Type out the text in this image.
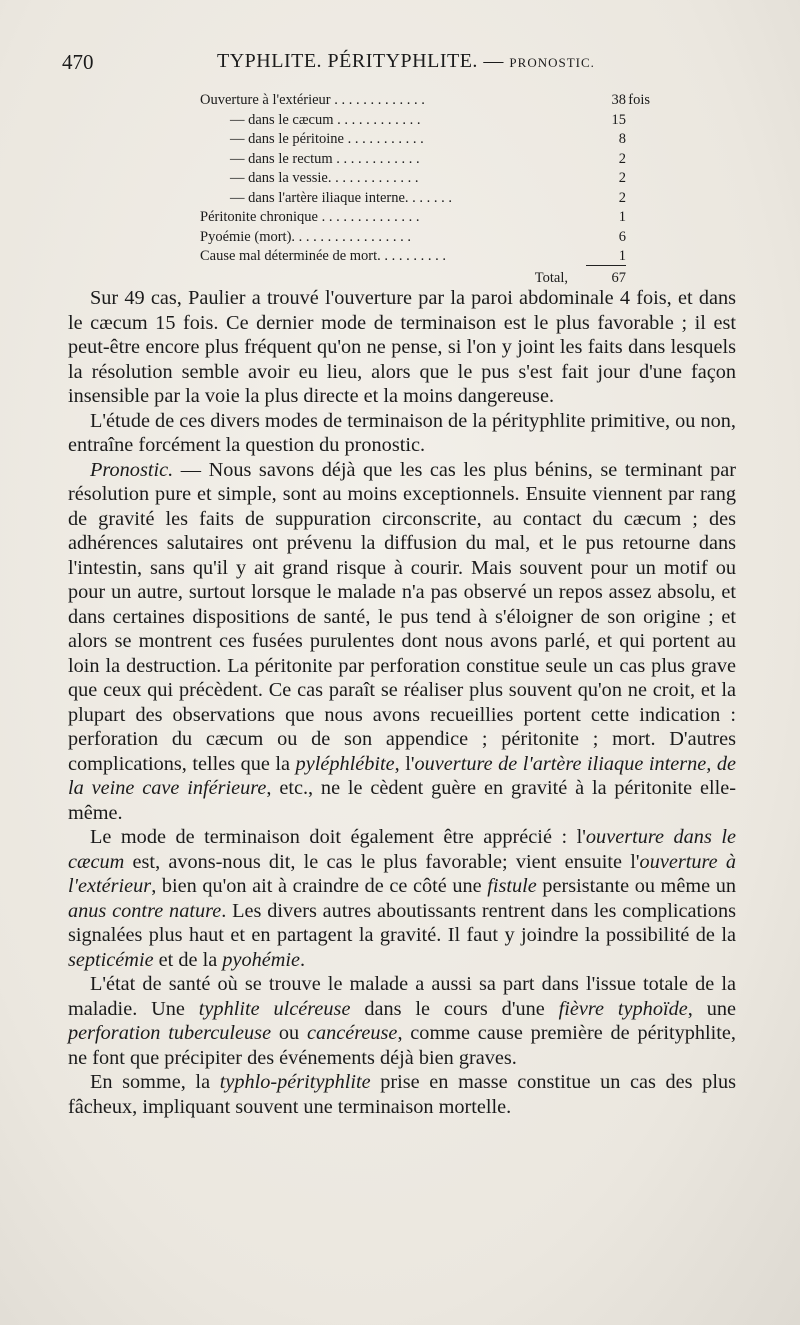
470	TYPHLITE. PÉRITYPHLITE. — PRONOSTIC.
Ouverture à l'extérieur . . . . . . . . . . . . .	38 fois
— dans le cæcum . . . . . . . . . . . .	15
— dans le péritoine . . . . . . . . . . .	8
— dans le rectum . . . . . . . . . . . .	2
— dans la vessie. . . . . . . . . . . . .	2
— dans l'artère iliaque interne. . . . . . .	2
Péritonite chronique . . . . . . . . . . . . . .	1
Pyoémie (mort). . . . . . . . . . . . . . . . .	6
Cause mal déterminée de mort. . . . . . . . . .	1
Total,	67

Sur 49 cas, Paulier a trouvé l'ouverture par la paroi abdominale 4 fois, et dans le cæcum 15 fois. Ce dernier mode de terminaison est le plus favorable ; il est peut-être encore plus fréquent qu'on ne pense, si l'on y joint les faits dans lesquels la résolution semble avoir eu lieu, alors que le pus s'est fait jour d'une façon insensible par la voie la plus directe et la moins dangereuse.

L'étude de ces divers modes de terminaison de la pérityphlite primitive, ou non, entraîne forcément la question du pronostic.

Pronostic. — Nous savons déjà que les cas les plus bénins, se terminant par résolution pure et simple, sont au moins exceptionnels. Ensuite viennent par rang de gravité les faits de suppuration circonscrite, au contact du cæcum ; des adhérences salutaires ont prévenu la diffusion du mal, et le pus retourne dans l'intestin, sans qu'il y ait grand risque à courir. Mais souvent pour un motif ou pour un autre, surtout lorsque le malade n'a pas observé un repos assez absolu, et dans certaines dispositions de santé, le pus tend à s'éloigner de son origine ; et alors se montrent ces fusées purulentes dont nous avons parlé, et qui portent au loin la destruction. La péritonite par perforation constitue seule un cas plus grave que ceux qui précèdent. Ce cas paraît se réaliser plus souvent qu'on ne croit, et la plupart des observations que nous avons recueillies portent cette indication : perforation du cæcum ou de son appendice ; péritonite ; mort. D'autres complications, telles que la pyléphlébite, l'ouverture de l'artère iliaque interne, de la veine cave inférieure, etc., ne le cèdent guère en gravité à la péritonite elle-même.

Le mode de terminaison doit également être apprécié : l'ouverture dans le cæcum est, avons-nous dit, le cas le plus favorable; vient ensuite l'ouverture à l'extérieur, bien qu'on ait à craindre de ce côté une fistule persistante ou même un anus contre nature. Les divers autres aboutissants rentrent dans les complications signalées plus haut et en partagent la gravité. Il faut y joindre la possibilité de la septicémie et de la pyohémie.

L'état de santé où se trouve le malade a aussi sa part dans l'issue totale de la maladie. Une typhlite ulcéreuse dans le cours d'une fièvre typhoïde, une perforation tuberculeuse ou cancéreuse, comme cause première de pérityphlite, ne font que précipiter des événements déjà bien graves.

En somme, la typhlo-pérityphlite prise en masse constitue un cas des plus fâcheux, impliquant souvent une terminaison mortelle.
